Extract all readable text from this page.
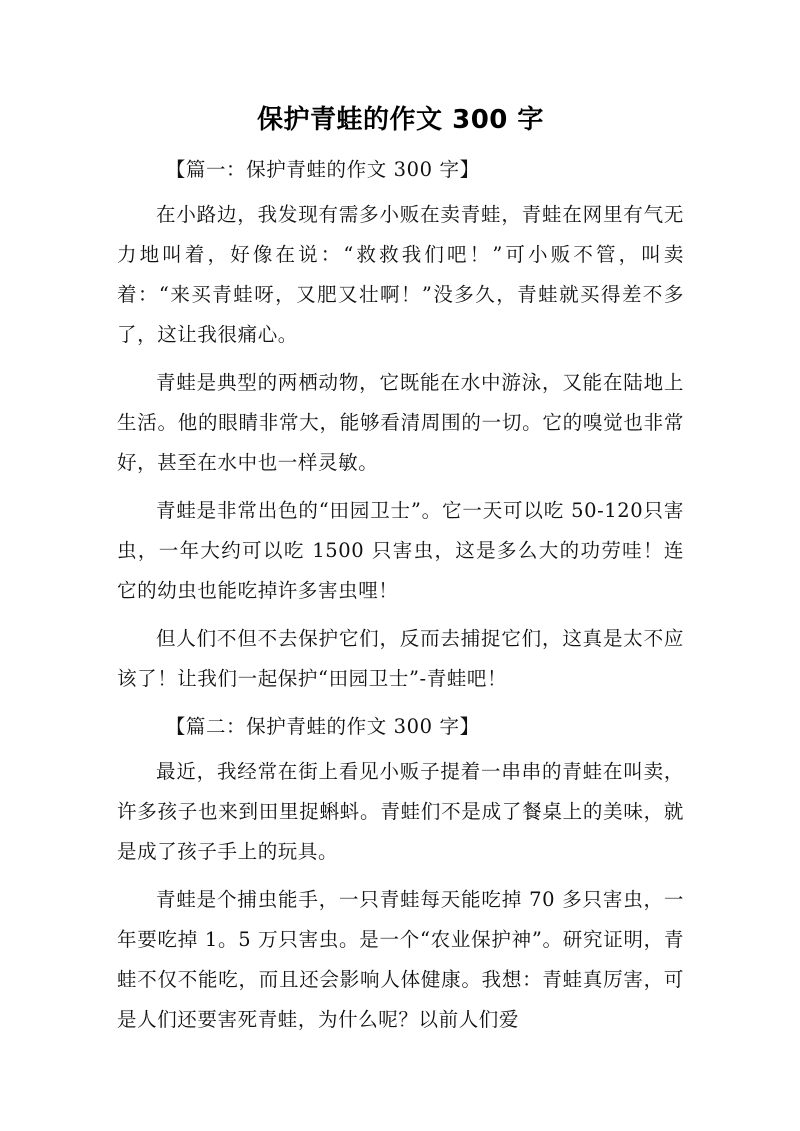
保护青蛙的作文 300 字

【篇一：保护青蛙的作文 300 字】

在小路边，我发现有需多小贩在卖青蛙，青蛙在网里有气无力地叫着，好像在说：“救救我们吧！”可小贩不管，叫卖着：“来买青蛙呀，又肥又壮啊！”没多久，青蛙就买得差不多了，这让我很痛心。

青蛙是典型的两栖动物，它既能在水中游泳，又能在陆地上生活。他的眼睛非常大，能够看清周围的一切。它的嗅觉也非常好，甚至在水中也一样灵敏。

青蛙是非常出色的“田园卫士”。它一天可以吃 50-120只害虫，一年大约可以吃 1500 只害虫，这是多么大的功劳哇！连它的幼虫也能吃掉许多害虫哩！

但人们不但不去保护它们，反而去捕捉它们，这真是太不应该了！让我们一起保护“田园卫士”-青蛙吧！

【篇二：保护青蛙的作文 300 字】

最近，我经常在街上看见小贩子提着一串串的青蛙在叫卖，许多孩子也来到田里捉蝌蚪。青蛙们不是成了餐桌上的美味，就是成了孩子手上的玩具。

青蛙是个捕虫能手，一只青蛙每天能吃掉 70 多只害虫，一年要吃掉 1。5 万只害虫。是一个“农业保护神”。研究证明，青蛙不仅不能吃，而且还会影响人体健康。我想：青蛙真厉害，可是人们还要害死青蛙，为什么呢？以前人们爱
